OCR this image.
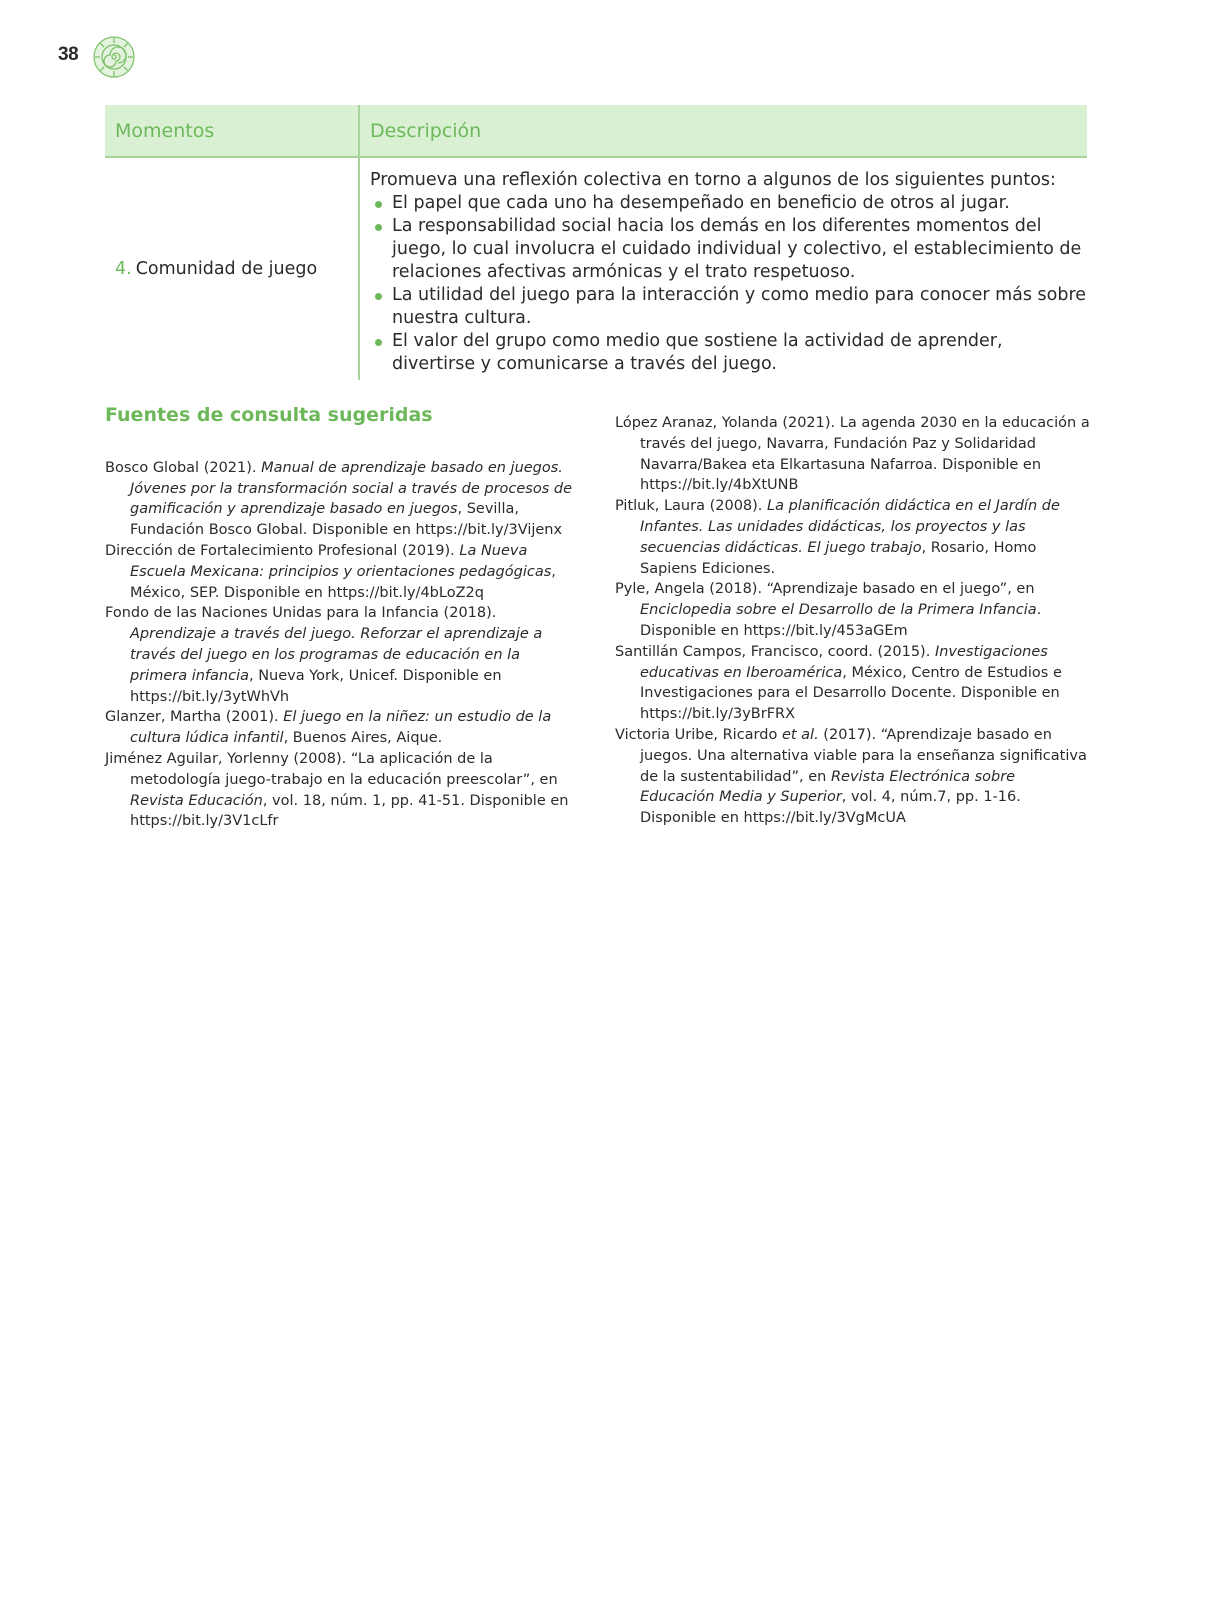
38
Momentos	Descripción
4. Comunidad de juego
Promueva una reflexión colectiva en torno a algunos de los siguientes puntos:
El papel que cada uno ha desempeñado en beneficio de otros al jugar.
La responsabilidad social hacia los demás en los diferentes momentos del juego, lo cual involucra el cuidado individual y colectivo, el establecimiento de relaciones afectivas armónicas y el trato respetuoso.
La utilidad del juego para la interacción y como medio para conocer más sobre nuestra cultura.
El valor del grupo como medio que sostiene la actividad de aprender, divertirse y comunicarse a través del juego.
Fuentes de consulta sugeridas

Bosco Global (2021). Manual de aprendizaje basado en juegos. Jóvenes por la transformación social a través de procesos de gamificación y aprendizaje basado en juegos, Sevilla, Fundación Bosco Global. Disponible en https://bit.ly/3Vijenx

Dirección de Fortalecimiento Profesional (2019). La Nueva Escuela Mexicana: principios y orientaciones pedagógicas, México, SEP. Disponible en https://bit.ly/4bLoZ2q

Fondo de las Naciones Unidas para la Infancia (2018). Aprendizaje a través del juego. Reforzar el aprendizaje a través del juego en los programas de educación en la primera infancia, Nueva York, Unicef. Disponible en https://bit.ly/3ytWhVh

Glanzer, Martha (2001). El juego en la niñez: un estudio de la cultura lúdica infantil, Buenos Aires, Aique.

Jiménez Aguilar, Yorlenny (2008). “La aplicación de la metodología juego-trabajo en la educación preescolar”, en Revista Educación, vol. 18, núm. 1, pp. 41-51. Disponible en https://bit.ly/3V1cLfr

López Aranaz, Yolanda (2021). La agenda 2030 en la educación a través del juego, Navarra, Fundación Paz y Solidaridad Navarra/Bakea eta Elkartasuna Nafarroa. Disponible en https://bit.ly/4bXtUNB

Pitluk, Laura (2008). La planificación didáctica en el Jardín de Infantes. Las unidades didácticas, los proyectos y las secuencias didácticas. El juego trabajo, Rosario, Homo Sapiens Ediciones.

Pyle, Angela (2018). “Aprendizaje basado en el juego”, en Enciclopedia sobre el Desarrollo de la Primera Infancia. Disponible en https://bit.ly/453aGEm

Santillán Campos, Francisco, coord. (2015). Investigaciones educativas en Iberoamérica, México, Centro de Estudios e Investigaciones para el Desarrollo Docente. Disponible en https://bit.ly/3yBrFRX

Victoria Uribe, Ricardo et al. (2017). “Aprendizaje basado en juegos. Una alternativa viable para la enseñanza significativa de la sustentabilidad”, en Revista Electrónica sobre Educación Media y Superior, vol. 4, núm.7, pp. 1-16. Disponible en https://bit.ly/3VgMcUA
